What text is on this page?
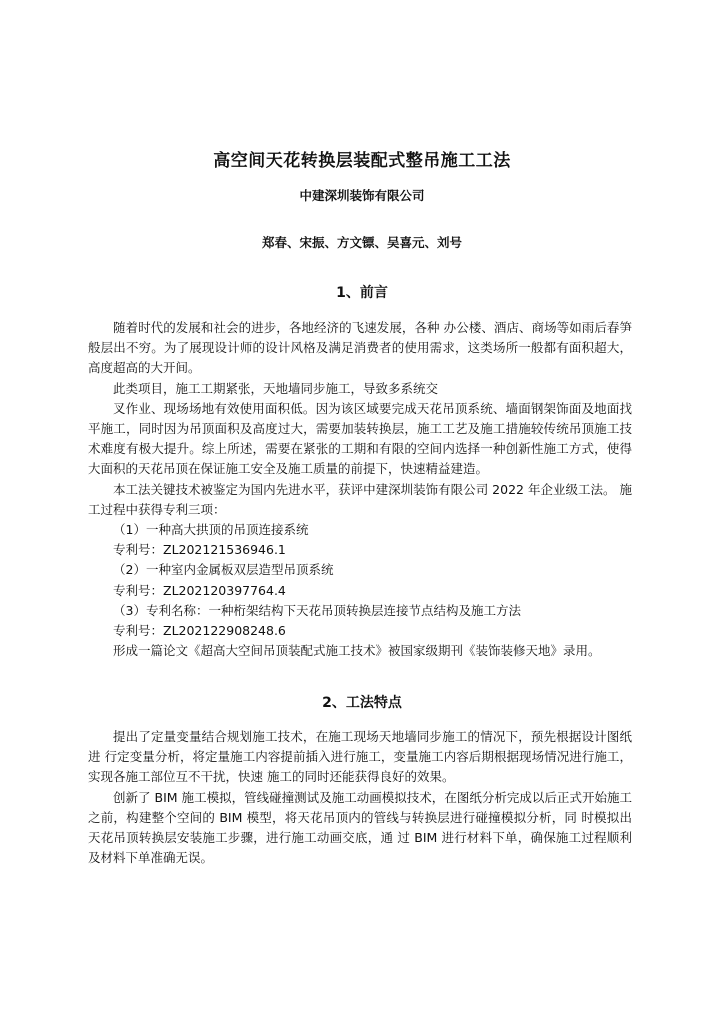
高空间天花转换层装配式整吊施工工法
中建深圳装饰有限公司
郑春、宋振、方文镖、吴喜元、刘号
1、前言

随着时代的发展和社会的进步，各地经济的飞速发展，各种 办公楼、酒店、商场等如雨后春笋般层出不穷。为了展现设计师的设计风格及满足消费者的使用需求，这类场所一般都有面积超大，高度超高的大开间。

此类项目，施工工期紧张，天地墙同步施工，导致多系统交

叉作业、现场场地有效使用面积低。因为该区域要完成天花吊顶系统、墙面钢架饰面及地面找平施工，同时因为吊顶面积及高度过大，需要加装转换层，施工工艺及施工措施较传统吊顶施工技术难度有极大提升。综上所述，需要在紧张的工期和有限的空间内选择一种创新性施工方式，使得大面积的天花吊顶在保证施工安全及施工质量的前提下，快速精益建造。

本工法关键技术被鉴定为国内先进水平，获评中建深圳装饰有限公司 2022 年企业级工法。 施工过程中获得专利三项：

（1）一种高大拱顶的吊顶连接系统

专利号：ZL202121536946.1

（2）一种室内金属板双层造型吊顶系统

专利号：ZL202120397764.4

（3）专利名称：一种桁架结构下天花吊顶转换层连接节点结构及施工方法

专利号：ZL202122908248.6

形成一篇论文《超高大空间吊顶装配式施工技术》被国家级期刊《装饰装修天地》录用。

2、工法特点

提出了定量变量结合规划施工技术，在施工现场天地墙同步施工的情况下，预先根据设计图纸进 行定变量分析，将定量施工内容提前插入进行施工，变量施工内容后期根据现场情况进行施工，实现各施工部位互不干扰，快速 施工的同时还能获得良好的效果。

创新了 BIM 施工模拟，管线碰撞测试及施工动画模拟技术，在图纸分析完成以后正式开始施工之前，构建整个空间的 BIM 模型，将天花吊顶内的管线与转换层进行碰撞模拟分析，同 时模拟出天花吊顶转换层安装施工步骤，进行施工动画交底，通 过 BIM 进行材料下单，确保施工过程顺利及材料下单准确无误。
